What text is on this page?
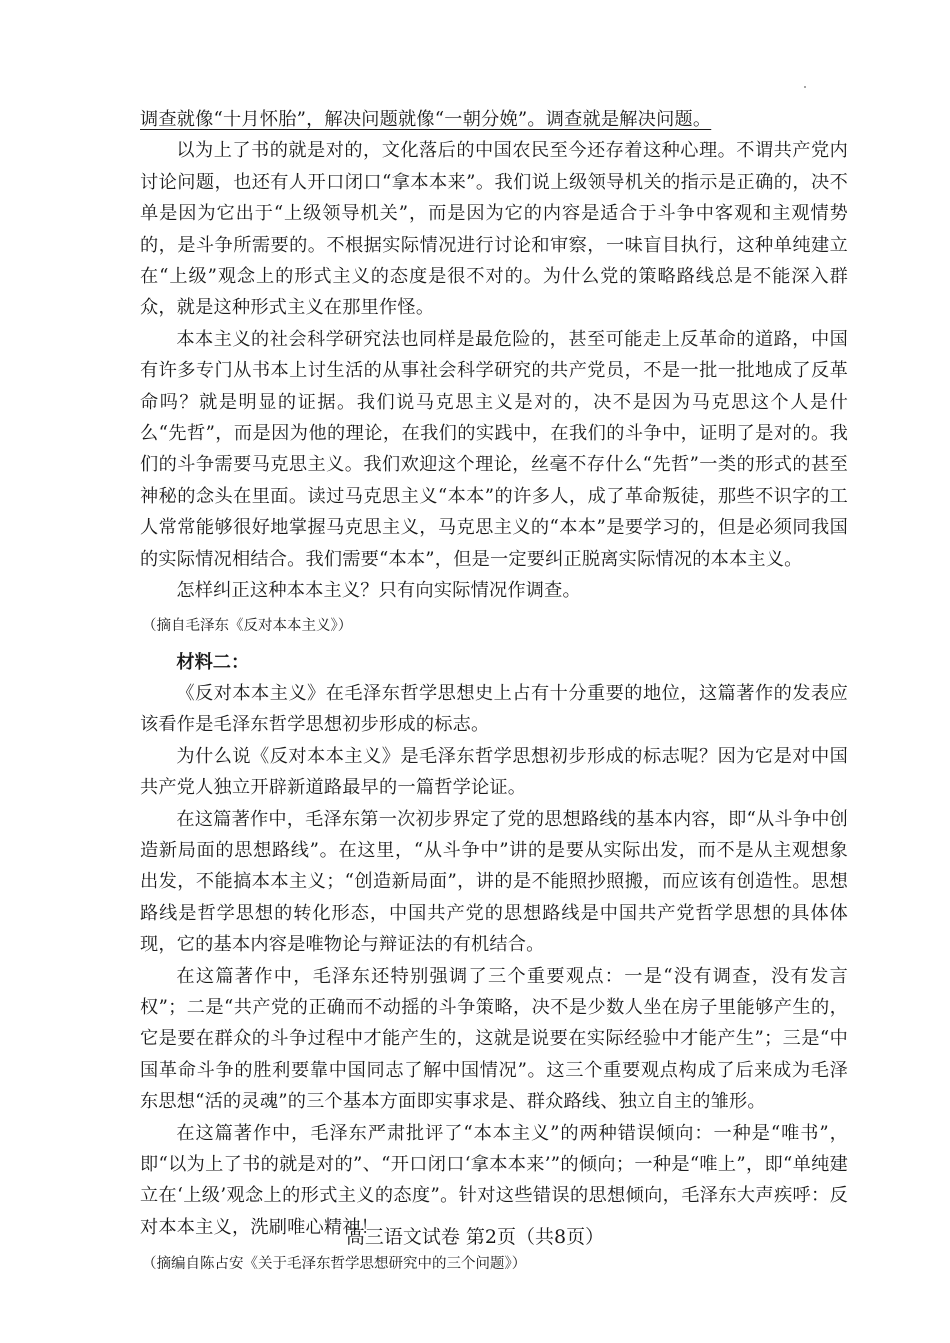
调查就像“十月怀胎”，解决问题就像“一朝分娩”。调查就是解决问题。

以为上了书的就是对的，文化落后的中国农民至今还存着这种心理。不谓共产党内讨论问题，也还有人开口闭口“拿本本来”。我们说上级领导机关的指示是正确的，决不单是因为它出于“上级领导机关”，而是因为它的内容是适合于斗争中客观和主观情势的，是斗争所需要的。不根据实际情况进行讨论和审察，一味盲目执行，这种单纯建立在“上级”观念上的形式主义的态度是很不对的。为什么党的策略路线总是不能深入群众，就是这种形式主义在那里作怪。

本本主义的社会科学研究法也同样是最危险的，甚至可能走上反革命的道路，中国有许多专门从书本上讨生活的从事社会科学研究的共产党员，不是一批一批地成了反革命吗？就是明显的证据。我们说马克思主义是对的，决不是因为马克思这个人是什么“先哲”，而是因为他的理论，在我们的实践中，在我们的斗争中，证明了是对的。我们的斗争需要马克思主义。我们欢迎这个理论，丝毫不存什么“先哲”一类的形式的甚至神秘的念头在里面。读过马克思主义“本本”的许多人，成了革命叛徒，那些不识字的工人常常能够很好地掌握马克思主义，马克思主义的“本本”是要学习的，但是必须同我国的实际情况相结合。我们需要“本本”，但是一定要纠正脱离实际情况的本本主义。

怎样纠正这种本本主义？只有向实际情况作调查。

（摘自毛泽东《反对本本主义》）

材料二：

《反对本本主义》在毛泽东哲学思想史上占有十分重要的地位，这篇著作的发表应该看作是毛泽东哲学思想初步形成的标志。

为什么说《反对本本主义》是毛泽东哲学思想初步形成的标志呢？因为它是对中国共产党人独立开辟新道路最早的一篇哲学论证。

在这篇著作中，毛泽东第一次初步界定了党的思想路线的基本内容，即“从斗争中创造新局面的思想路线”。在这里，“从斗争中”讲的是要从实际出发，而不是从主观想象出发，不能搞本本主义；“创造新局面”，讲的是不能照抄照搬，而应该有创造性。思想路线是哲学思想的转化形态，中国共产党的思想路线是中国共产党哲学思想的具体体现，它的基本内容是唯物论与辩证法的有机结合。

在这篇著作中，毛泽东还特别强调了三个重要观点：一是“没有调查，没有发言权”；二是“共产党的正确而不动摇的斗争策略，决不是少数人坐在房子里能够产生的，它是要在群众的斗争过程中才能产生的，这就是说要在实际经验中才能产生”；三是“中国革命斗争的胜利要靠中国同志了解中国情况”。这三个重要观点构成了后来成为毛泽东思想“活的灵魂”的三个基本方面即实事求是、群众路线、独立自主的雏形。

在这篇著作中，毛泽东严肃批评了“本本主义”的两种错误倾向：一种是“唯书”，即“以为上了书的就是对的”、“开口闭口‘拿本本来’”的倾向；一种是“唯上”，即“单纯建立在‘上级’观念上的形式主义的态度”。针对这些错误的思想倾向，毛泽东大声疾呼：反对本本主义，洗刷唯心精神！

（摘编自陈占安《关于毛泽东哲学思想研究中的三个问题》）

高三语文试卷 第2页（共8页）
